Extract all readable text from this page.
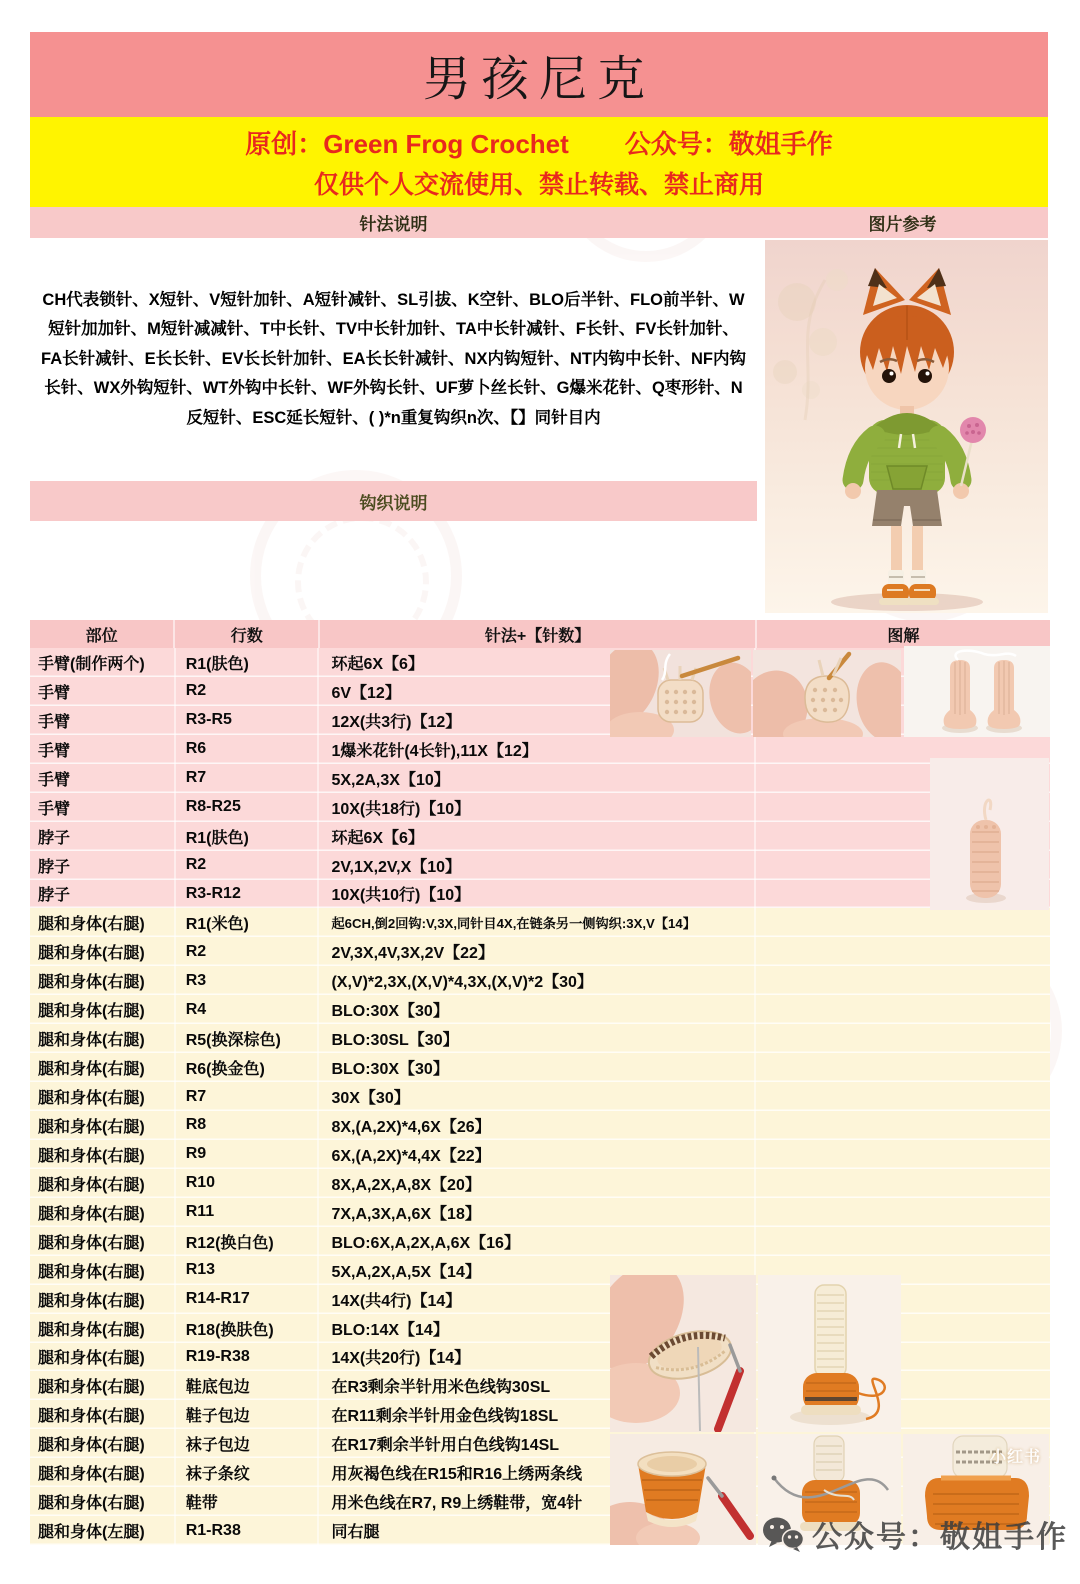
男孩尼克
原创：Green Frog Crochet 公众号：敬姐手作
仅供个人交流使用、禁止转载、禁止商用
针法说明	图片参考
CH代表锁针、X短针、V短针加针、A短针减针、SL引拔、K空针、BLO后半针、FLO前半针、W短针加加针、M短针减减针、T中长针、TV中长针加针、TA中长针减针、F长针、FV长针加针、FA长针减针、E长长针、EV长长针加针、EA长长针减针、NX内钩短针、NT内钩中长针、NF内钩长针、WX外钩短针、WT外钩中长针、WF外钩长针、UF萝卜丝长针、G爆米花针、Q枣形针、N反短针、ESC延长短针、( )*n重复钩织n次、【】同针目内
钩织说明
部位	行数	针法+【针数】	图解
手臂(制作两个)	R1(肤色)	环起6X【6】
手臂	R2	6V【12】
手臂	R3-R5	12X(共3行)【12】
手臂	R6	1爆米花针(4长针),11X【12】
手臂	R7	5X,2A,3X【10】
手臂	R8-R25	10X(共18行)【10】
脖子	R1(肤色)	环起6X【6】
脖子	R2	2V,1X,2V,X【10】
脖子	R3-R12	10X(共10行)【10】
腿和身体(右腿)	R1(米色)	起6CH,倒2回钩:V,3X,同针目4X,在链条另一侧钩织:3X,V【14】
腿和身体(右腿)	R2	2V,3X,4V,3X,2V【22】
腿和身体(右腿)	R3	(X,V)*2,3X,(X,V)*4,3X,(X,V)*2【30】
腿和身体(右腿)	R4	BLO:30X【30】
腿和身体(右腿)	R5(换深棕色)	BLO:30SL【30】
腿和身体(右腿)	R6(换金色)	BLO:30X【30】
腿和身体(右腿)	R7	30X【30】
腿和身体(右腿)	R8	8X,(A,2X)*4,6X【26】
腿和身体(右腿)	R9	6X,(A,2X)*4,4X【22】
腿和身体(右腿)	R10	8X,A,2X,A,8X【20】
腿和身体(右腿)	R11	7X,A,3X,A,6X【18】
腿和身体(右腿)	R12(换白色)	BLO:6X,A,2X,A,6X【16】
腿和身体(右腿)	R13	5X,A,2X,A,5X【14】
腿和身体(右腿)	R14-R17	14X(共4行)【14】
腿和身体(右腿)	R18(换肤色)	BLO:14X【14】
腿和身体(右腿)	R19-R38	14X(共20行)【14】
腿和身体(右腿)	鞋底包边	在R3剩余半针用米色线钩30SL
腿和身体(右腿)	鞋子包边	在R11剩余半针用金色线钩18SL
腿和身体(右腿)	袜子包边	在R17剩余半针用白色线钩14SL
腿和身体(右腿)	袜子条纹	用灰褐色线在R15和R16上绣两条线
腿和身体(右腿)	鞋带	用米色线在R7, R9上绣鞋带，宽4针
腿和身体(左腿)	R1-R38	同右腿
小红书
公众号：敬姐手作
